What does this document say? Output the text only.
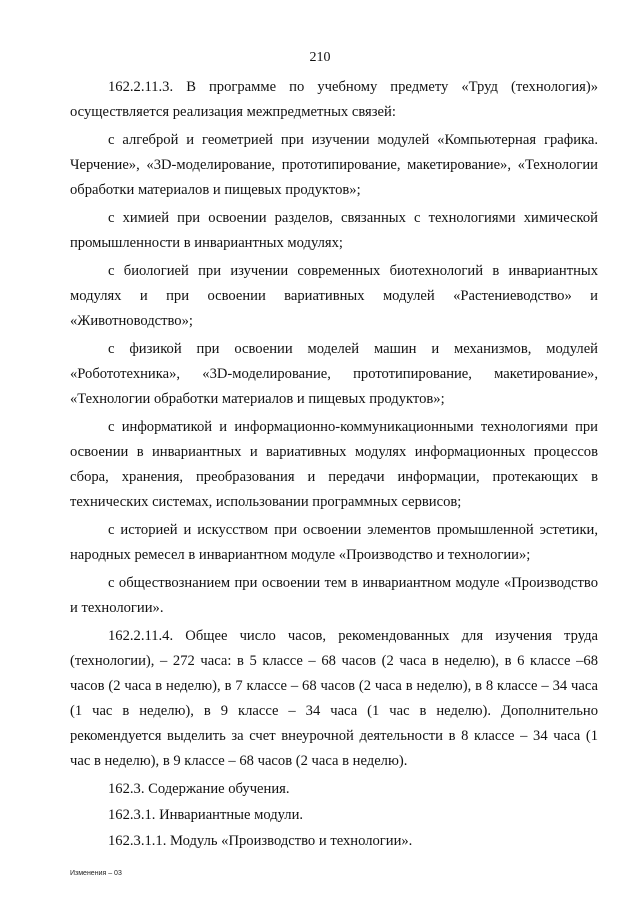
210

162.2.11.3. В программе по учебному предмету «Труд (технология)» осуществляется реализация межпредметных связей:

с алгеброй и геометрией при изучении модулей «Компьютерная графика. Черчение», «3D-моделирование, прототипирование, макетирование», «Технологии обработки материалов и пищевых продуктов»;

с химией при освоении разделов, связанных с технологиями химической промышленности в инвариантных модулях;

с биологией при изучении современных биотехнологий в инвариантных модулях и при освоении вариативных модулей «Растениеводство» и «Животноводство»;

с физикой при освоении моделей машин и механизмов, модулей «Робототехника», «3D-моделирование, прототипирование, макетирование», «Технологии обработки материалов и пищевых продуктов»;

с информатикой и информационно-коммуникационными технологиями при освоении в инвариантных и вариативных модулях информационных процессов сбора, хранения, преобразования и передачи информации, протекающих в технических системах, использовании программных сервисов;

с историей и искусством при освоении элементов промышленной эстетики, народных ремесел в инвариантном модуле «Производство и технологии»;

с обществознанием при освоении тем в инвариантном модуле «Производство и технологии».

162.2.11.4. Общее число часов, рекомендованных для изучения труда (технологии), – 272 часа: в 5 классе – 68 часов (2 часа в неделю), в 6 классе –68 часов (2 часа в неделю), в 7 классе – 68 часов (2 часа в неделю), в 8 классе – 34 часа (1 час в неделю), в 9 классе – 34 часа (1 час в неделю). Дополнительно рекомендуется выделить за счет внеурочной деятельности в 8 классе – 34 часа (1 час в неделю), в 9 классе – 68 часов (2 часа в неделю).

162.3. Содержание обучения.

162.3.1. Инвариантные модули.

162.3.1.1. Модуль «Производство и технологии».

Изменения – 03
